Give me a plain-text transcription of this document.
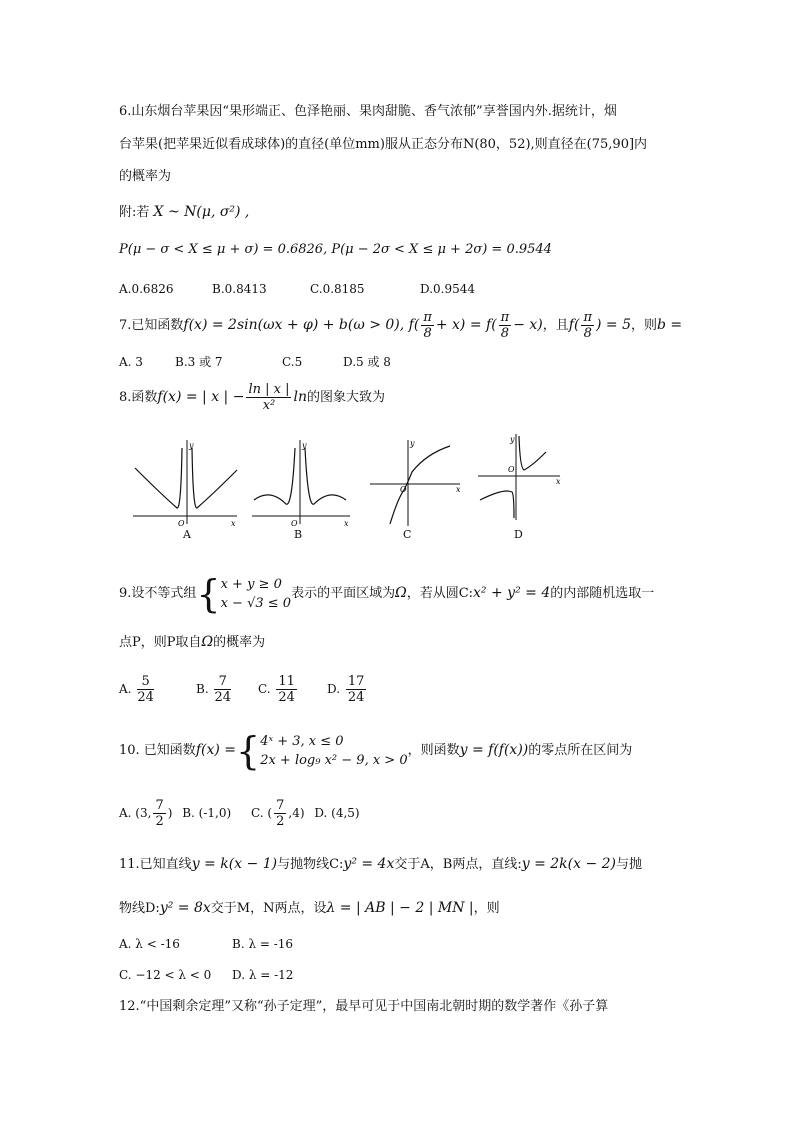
6.山东烟台苹果因“果形端正、色泽艳丽、果肉甜脆、香气浓郁”享誉国内外.据统计，烟
台苹果(把苹果近似看成球体)的直径(单位mm)服从正态分布N(80，52),则直径在(75,90]内
的概率为
附:若 X ~ N(μ, σ²) ,
P(μ − σ < X ≤ μ + σ) = 0.6826, P(μ − 2σ < X ≤ μ + 2σ) = 0.9544
A.0.6826	B.0.8413	C.0.8185	D.0.9544
7.已知函数f(x) = 2sin(ωx + φ) + b(ω > 0), $f( \frac{\pi}{8} + x) = f( \frac{\pi}{8} - x)$，且$f( \frac{\pi}{8}$ ) = 5，则b =
A. 3	B.3 或 7	C.5	D.5 或 8
8.函数f(x) = | x | − $\frac{\ln | x |}{\text{x²}}$ ln的图象大致为
y
x
O
y
x
O
y
x
O
y
x
O
A	B	C	D
9.设不等式组{ x + y ≥ 0
x − √3 ≤ 0
表示的平面区域为Ω，若从圆C:x² + y² = 4的内部随机选取一
点P，则P取自Ω的概率为
A. $\frac{5}{24}$	B. $\frac{7}{24} C$. $\frac{11}{24}$	D. $\frac{17}{24}$
10. 已知函数f(x) ={ 4ˣ + 3, x ≤ 0
2x + log₉ x² − 9, x > 0
，则函数y = f(f(x))的零点所在区间为
A. (3, $\frac{7}{2}$ ) B. (-1,0) C. ( $\frac{7}{2} ,4$) D. (4,5)
11.已知直线y = k(x − 1)与抛物线C:y² = 4x交于A，B两点，直线:y = 2k(x − 2)与抛
物线D:y² = 8x交于M，N两点，设λ = | AB | − 2 | MN |，则
A. λ < -16	B. λ = -16
C. −12 < λ < 0 D. λ = -12
12.“中国剩余定理”又称“孙子定理”，最早可见于中国南北朝时期的数学著作《孙子算
